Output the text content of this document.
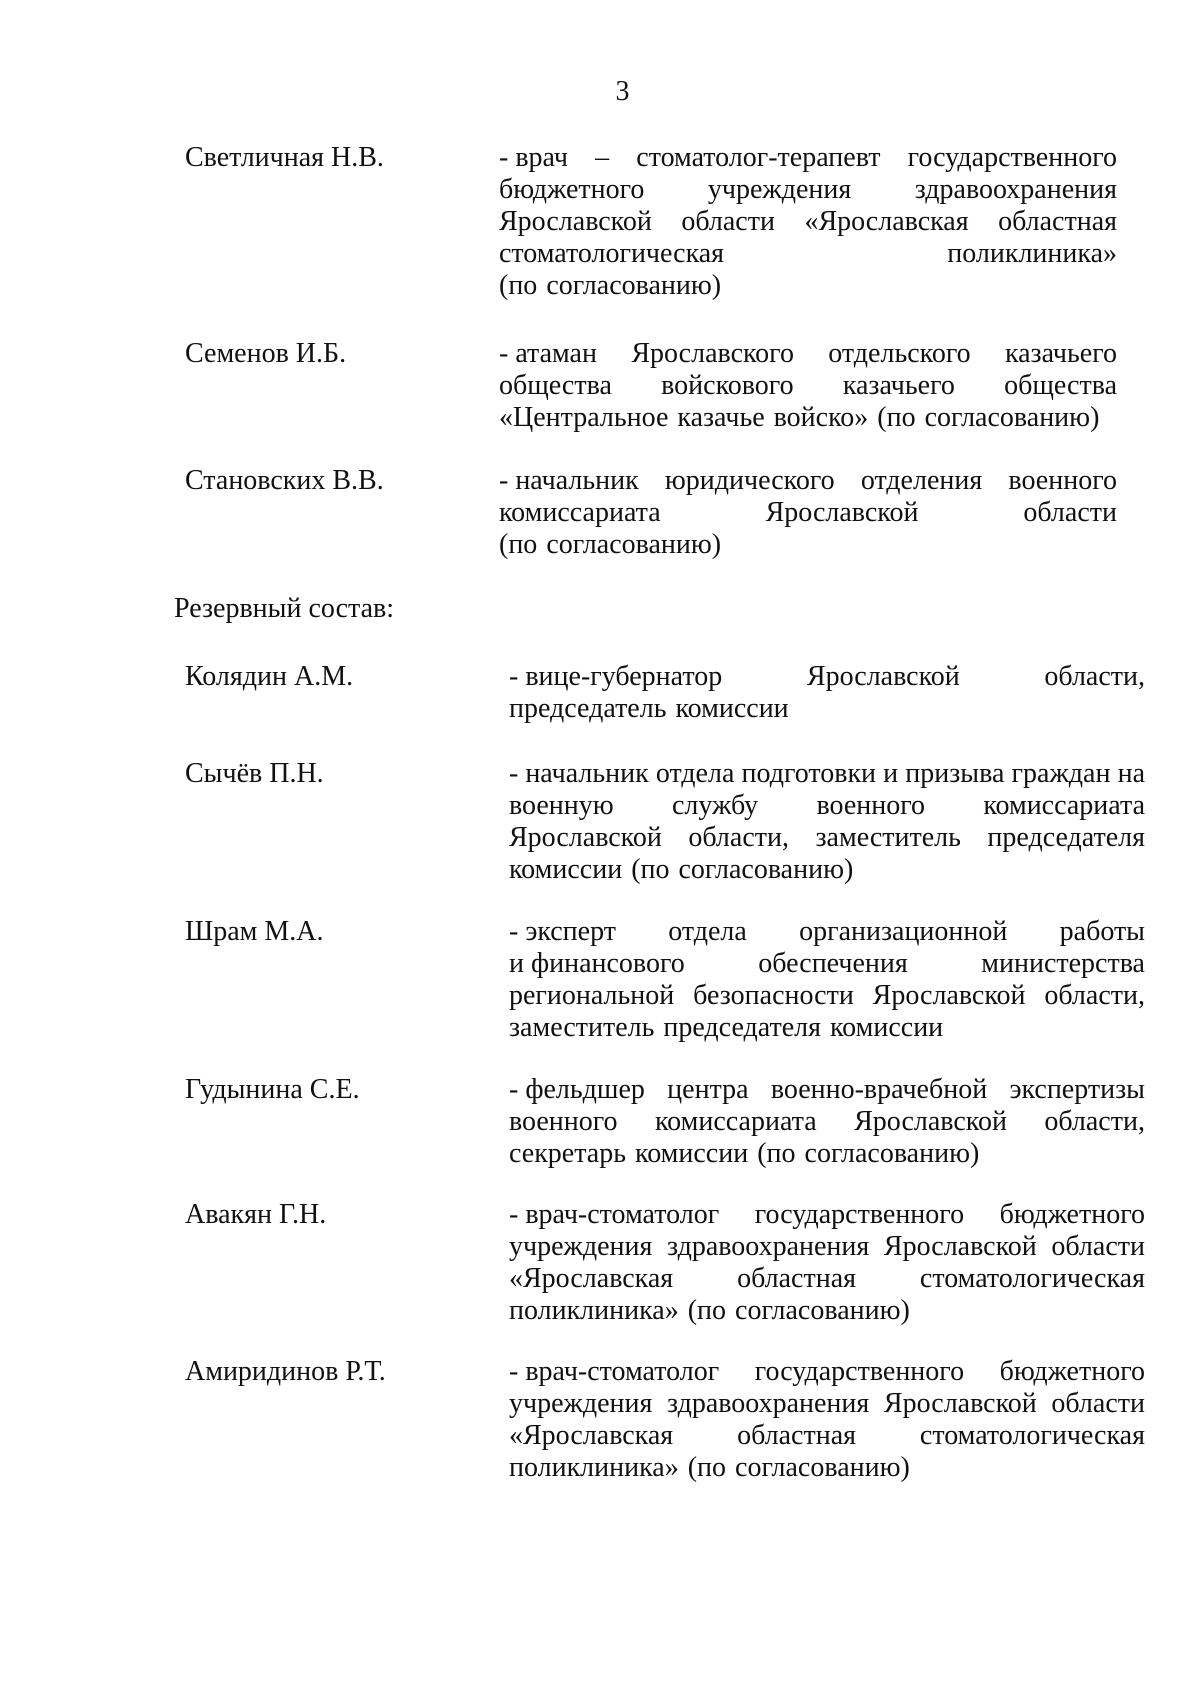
3
Светличная Н.В.	- врач – стоматолог-терапевт государственного
бюджетного учреждения здравоохранения
Ярославской области «Ярославская областная
стоматологическая	поликлиника»
(по согласованию)
Семенов И.Б.	- атаман Ярославского отдельского казачьего
общества войскового казачьего общества
«Центральное казачье войско» (по согласованию)
Становских В.В.	- начальник юридического отделения военного
комиссариата	Ярославской	области
(по согласованию)
Резервный состав:
Колядин А.М.	- вице-губернатор	Ярославской	области,
председатель комиссии
Сычёв П.Н.	- начальник отдела подготовки и призыва граждан на
военную службу военного комиссариата
Ярославской области, заместитель председателя
комиссии (по согласованию)
Шрам М.А.	- эксперт отдела организационной работы
и финансового	обеспечения	министерства
региональной безопасности Ярославской области,
заместитель председателя комиссии
Гудынина С.Е.	- фельдшер центра военно-врачебной экспертизы
военного комиссариата Ярославской области,
секретарь комиссии (по согласованию)
Авакян Г.Н.	- врач-стоматолог государственного бюджетного
учреждения здравоохранения Ярославской области
«Ярославская областная стоматологическая
поликлиника» (по согласованию)
Амиридинов Р.Т.	- врач-стоматолог государственного бюджетного
учреждения здравоохранения Ярославской области
«Ярославская областная стоматологическая
поликлиника» (по согласованию)
